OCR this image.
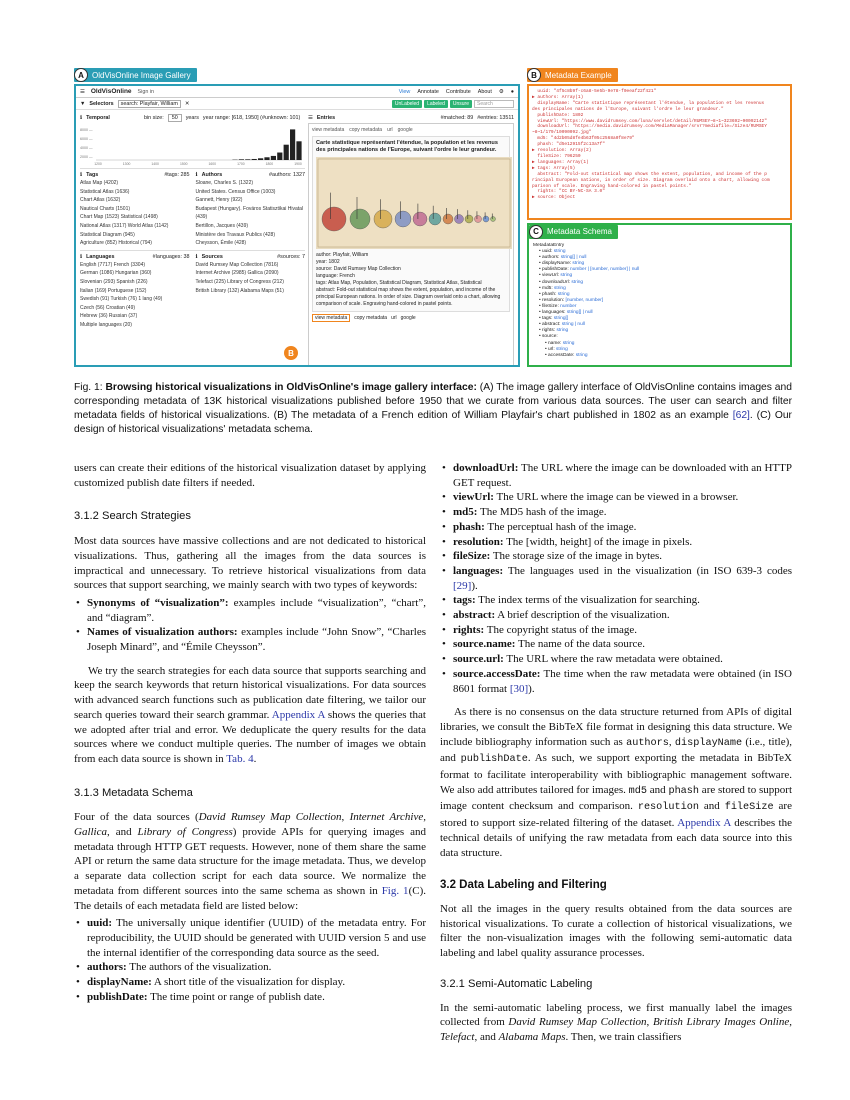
A	OldVisOnline Image Gallery	B	Metadata Example
☰ OldVisOnline Sign in	View Annotate Contribute About ⚙ ●
▼ Selectors	search: Playfair, William	✕	UnLabeled	Labeled	Unsure	Search
ℹ Temporal	bin size:	50	years year range: [618, 1950] (#unknown: 101)
8000 —
6000 —
4000 —
2000 —
1200	1300	1400	1500	1600	1700	1800	1900
ℹ Tags	#tags: 285
Atlas Map (4202)
Statistical Atlas (1636)
Chart Atlas (1632)
Nautical Charts (1501)
Chart Map (1523) Statistical (1498)
National Atlas (1317) World Atlas (1142)
Statistical Diagram (945)
Agriculture (852) Historical (794)
ℹ Authors	#authors: 1327
Sloane, Charles S. (1322)
United States. Census Office (1003)
Gannett, Henry (922)
Budapest (Hungary). Fováros Statisztikai Hivatal (439)
Bertillon, Jacques (439)
Ministère des Travaux Publics (428)
Cheysson, Émile (428)
ℹ Languages	#languages: 38
English (7717) French (3304)
German (1086) Hungarian (360)
Slovenian (293) Spanish (226)
Italian (169) Portuguese (152)
Swedish (91) Turkish (76) 1 lang (49)
Czech (56) Croatian (49)
Hebrew (36) Russian (37)
Multiple languages (20)
ℹ Sources	#sources: 7
David Rumsey Map Collection (7816)
Internet Archive (2985) Gallica (2090)
Telefact (225) Library of Congress (212)
British Library (132) Alabama Maps (51)
☰ Entries	#matched: 89 #entries: 13511
view metadata copy metadata url google
Carte statistique représentant l'étendue, la population et les revenus des principales nations de l'Europe, suivant l'ordre le leur grandeur.
author: Playfair, William
year: 1802
source: David Rumsey Map Collection
language: French
tags: Atlas Map, Population, Statistical Diagram, Statistical Atlas, Statistical
abstract: Fold-out statistical map shows the extent, population, and income of the principal European nations. In order of size. Diagram overlaid onto a chart, allowing comparison of scale. Engraving hand-colored in pastel points.
view metadata	copy metadata url google
B
uuid: "4f5c8b9f-c6a8-5e5b-9e78-f0eeaf22f421"
▶ authors: Array(1)
displayName: "Carte statistique représentant l'étendue, la population et les revenus
des principales nations de l'Europe, suivant l'ordre le leur grandeur."
publishDate: 1802
viewUrl: "https://www.davidrumsey.com/luna/servlet/detail/RUMSEY~8~1~323692~90092142"
downloadUrl: "https://media.davidrumsey.com/MediaManager/srvr?mediafile=/Size4/RUMSEY
~8~1/179/10090092.jpg"
md5: "4d2b05d8fe4b63f05c2568a0f8e79"
phash: "d5e12915f2c13a7f"
▶ resolution: Array(2)
fileSize: 796250
▶ languages: Array(1)
▶ tags: Array(5)
abstract: "Fold-out statistical map shows the extent, population, and income of the p
rincipal European nations, in order of size. Diagram overlaid onto a chart, allowing com
parison of scale. Engraving hand-colored in pastel points."
rights: "CC BY-NC-SA 3.0"
▶ source: Object
C	Metadata Schema
MetadataEntry
• uuid: string
• authors: string[] | null
• displayName: string
• publishDate: number | [number, number] | null
• viewUrl: string
• downloadUrl: string
• md5: string
• phash: string
• resolution: [number, number]
• fileSize: number
• languages: string[] | null
• tags: string[]
• abstract: string | null
• rights: string
• source:
• name: string
• url: string
• accessDate: string
Fig. 1: Browsing historical visualizations in OldVisOnline's image gallery interface: (A) The image gallery interface of OldVisOnline contains images and corresponding metadata of 13K historical visualizations published before 1950 that we curate from various data sources. The user can search and filter metadata fields of historical visualizations. (B) The metadata of a French edition of William Playfair's chart published in 1802 as an example [62]. (C) Our design of historical visualizations' metadata schema.

users can create their editions of the historical visualization dataset by applying customized publish date filters if needed.

3.1.2 Search Strategies

Most data sources have massive collections and are not dedicated to historical visualizations. Thus, gathering all the images from the data sources is impractical and unnecessary. To retrieve historical visualizations from data sources that support searching, we mainly search with two types of keywords:

• Synonyms of “visualization”: examples include “visualization”, “chart”, and “diagram”.
• Names of visualization authors: examples include “John Snow”, “Charles Joseph Minard”, and “Émile Cheysson”.

We try the search strategies for each data source that supports searching and keep the search keywords that return historical visualizations. For data sources with advanced search functions such as publication date filtering, we tailor our search queries toward their search grammar. Appendix A shows the queries that we adopted after trial and error. We deduplicate the query results for the data sources where we conduct multiple queries. The number of images we obtain from each data source is shown in Tab. 4.

3.1.3 Metadata Schema

Four of the data sources (David Rumsey Map Collection, Internet Archive, Gallica, and Library of Congress) provide APIs for querying images and metadata through HTTP GET requests. However, none of them share the same API or return the same data structure for the image metadata. Thus, we develop a separate data collection script for each data source. We normalize the metadata from different sources into the same schema as shown in Fig. 1(C). The details of each metadata field are listed below:

• uuid: The universally unique identifier (UUID) of the metadata entry. For reproducibility, the UUID should be generated with UUID version 5 and use the internal identifier of the corresponding data source as the seed.
• authors: The authors of the visualization.
• displayName: A short title of the visualization for display.
• publishDate: The time point or range of publish date.
• downloadUrl: The URL where the image can be downloaded with an HTTP GET request.
• viewUrl: The URL where the image can be viewed in a browser.
• md5: The MD5 hash of the image.
• phash: The perceptual hash of the image.
• resolution: The [width, height] of the image in pixels.
• fileSize: The storage size of the image in bytes.
• languages: The languages used in the visualization (in ISO 639-3 codes [29]).
• tags: The index terms of the visualization for searching.
• abstract: A brief description of the visualization.
• rights: The copyright status of the image.
• source.name: The name of the data source.
• source.url: The URL where the raw metadata were obtained.
• source.accessDate: The time when the raw metadata were obtained (in ISO 8601 format [30]).

As there is no consensus on the data structure returned from APIs of digital libraries, we consult the BibTeX file format in designing this data structure. We include bibliography information such as authors, displayName (i.e., title), and publishDate. As such, we support exporting the metadata in BibTeX format to facilitate interoperability with bibliographic management software. We also add attributes tailored for images. md5 and phash are stored to support image content checksum and comparison. resolution and fileSize are stored to support size-related filtering of the dataset. Appendix A describes the technical details of unifying the raw metadata from each data source into this data structure.

3.2 Data Labeling and Filtering

Not all the images in the query results obtained from the data sources are historical visualizations. To curate a collection of historical visualizations, we filter the non-visualization images with the following semi-automatic data labeling and label quality assurance processes.

3.2.1 Semi-Automatic Labeling

In the semi-automatic labeling process, we first manually label the images collected from David Rumsey Map Collection, British Library Images Online, Telefact, and Alabama Maps. Then, we train classifiers
